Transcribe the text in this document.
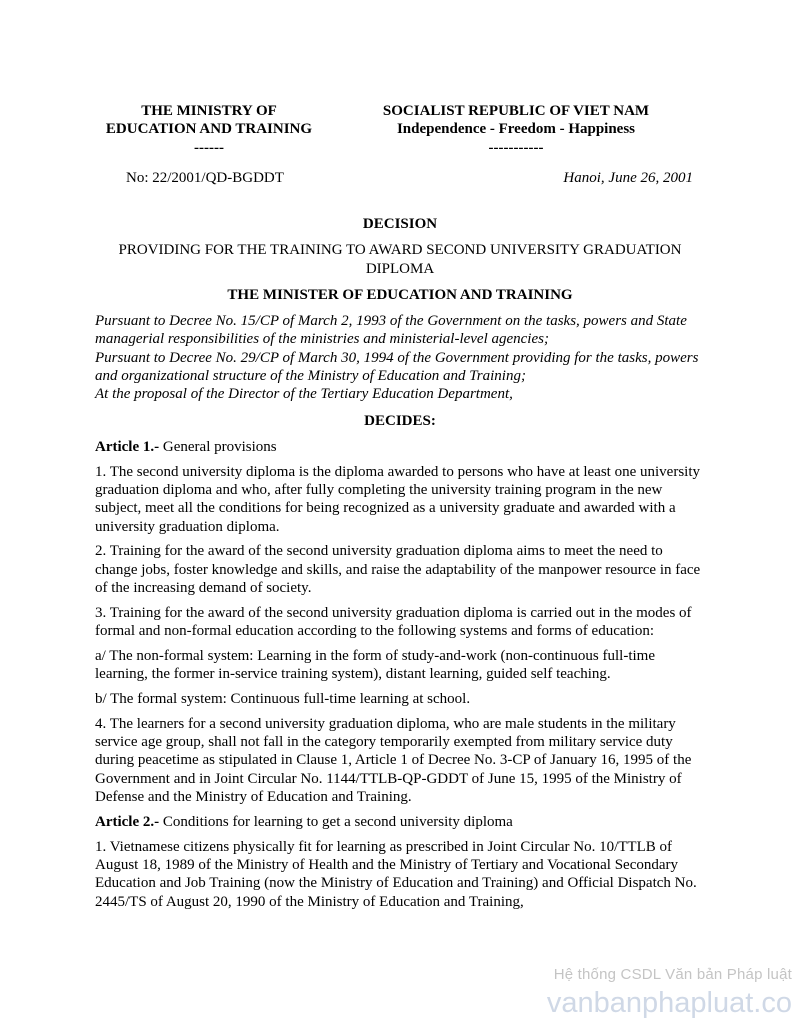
THE MINISTRY OF
EDUCATION AND TRAINING
------
SOCIALIST REPUBLIC OF VIET NAM
Independence - Freedom - Happiness
-----------
No: 22/2001/QD-BGDDT	Hanoi, June 26, 2001
DECISION
PROVIDING FOR THE TRAINING TO AWARD SECOND UNIVERSITY GRADUATION DIPLOMA
THE MINISTER OF EDUCATION AND TRAINING
Pursuant to Decree No. 15/CP of March 2, 1993 of the Government on the tasks, powers and State managerial responsibilities of the ministries and ministerial-level agencies;
Pursuant to Decree No. 29/CP of March 30, 1994 of the Government providing for the tasks, powers and organizational structure of the Ministry of Education and Training;
At the proposal of the Director of the Tertiary Education Department,
DECIDES:

Article 1.- General provisions

1. The second university diploma is the diploma awarded to persons who have at least one university graduation diploma and who, after fully completing the university training program in the new subject, meet all the conditions for being recognized as a university graduate and awarded with a university graduation diploma.

2. Training for the award of the second university graduation diploma aims to meet the need to change jobs, foster knowledge and skills, and raise the adaptability of the manpower resource in face of the increasing demand of society.

3. Training for the award of the second university graduation diploma is carried out in the modes of formal and non-formal education according to the following systems and forms of education:

a/ The non-formal system: Learning in the form of study-and-work (non-continuous full-time learning, the former in-service training system), distant learning, guided self teaching.

b/ The formal system: Continuous full-time learning at school.

4. The learners for a second university graduation diploma, who are male students in the military service age group, shall not fall in the category temporarily exempted from military service duty during peacetime as stipulated in Clause 1, Article 1 of Decree No. 3-CP of January 16, 1995 of the Government and in Joint Circular No. 1144/TTLB-QP-GDDT of June 15, 1995 of the Ministry of Defense and the Ministry of Education and Training.

Article 2.- Conditions for learning to get a second university diploma

1. Vietnamese citizens physically fit for learning as prescribed in Joint Circular No. 10/TTLB of August 18, 1989 of the Ministry of Health and the Ministry of Tertiary and Vocational Secondary Education and Job Training (now the Ministry of Education and Training) and Official Dispatch No. 2445/TS of August 20, 1990 of the Ministry of Education and Training,

Hệ thống CSDL Văn bản Pháp luật
vanbanphapluat.co
